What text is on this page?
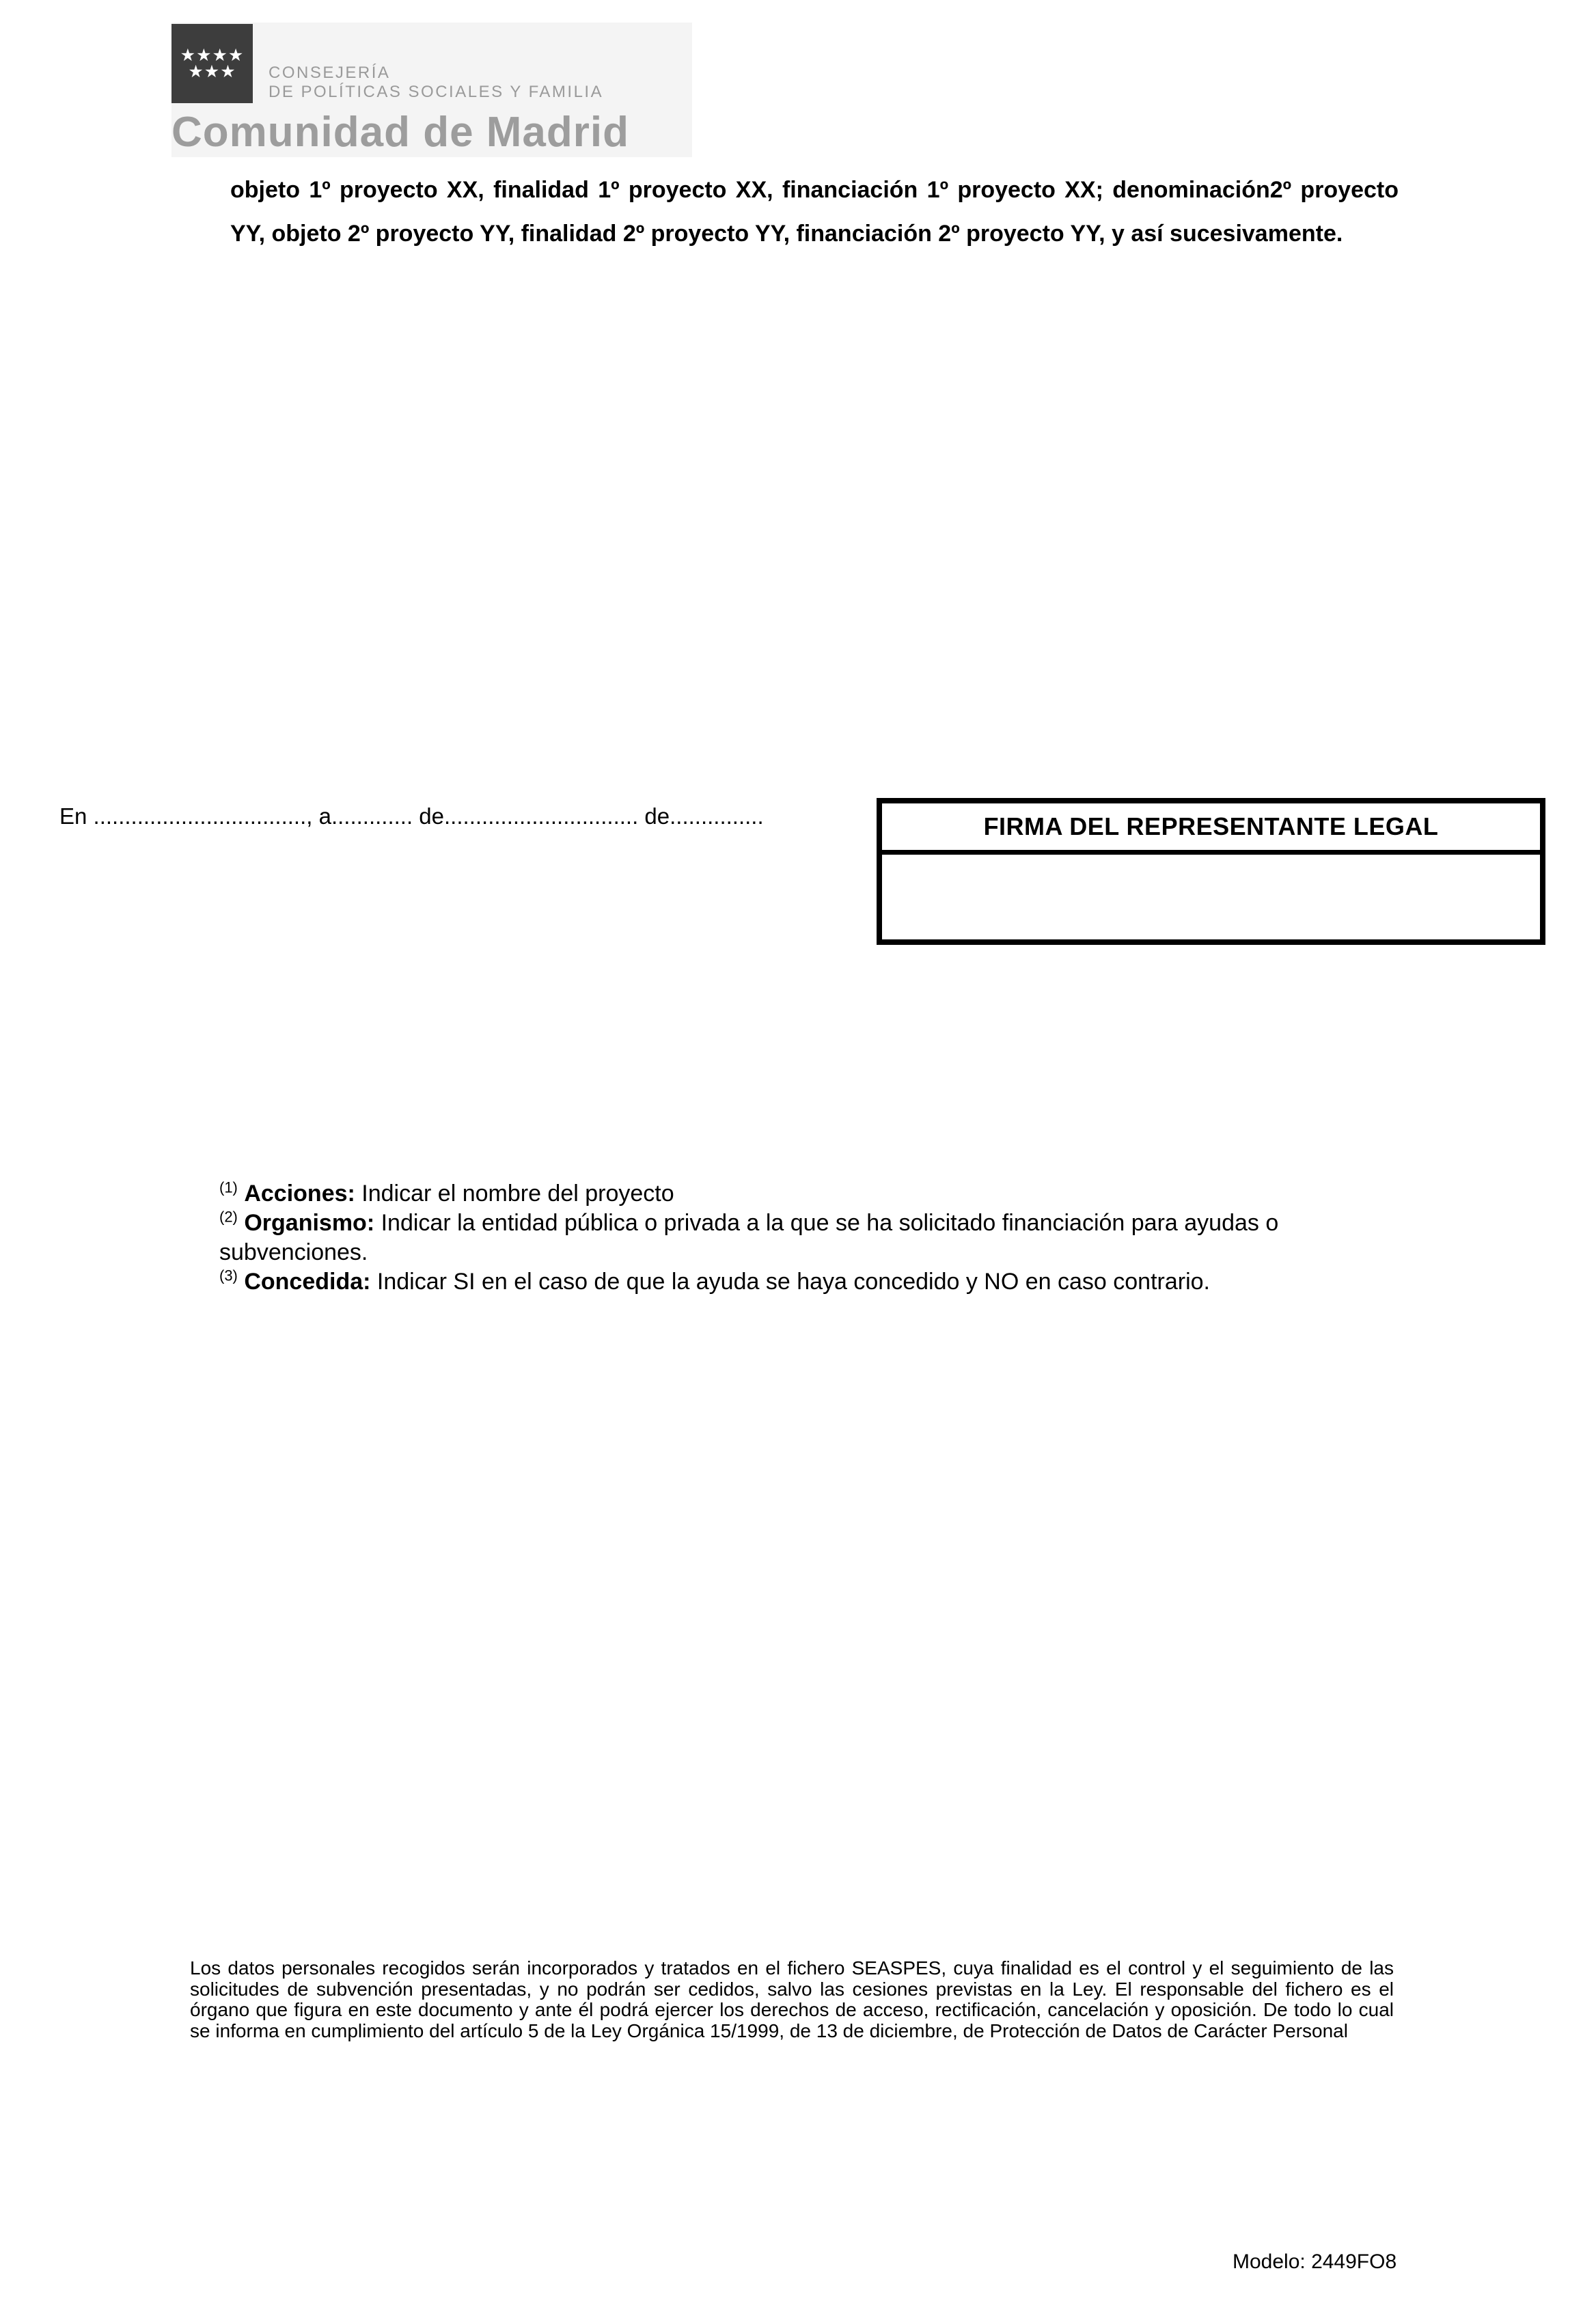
★★★★
★★★ CONSEJERÍA
DE POLÍTICAS SOCIALES Y FAMILIA
Comunidad de Madrid
objeto 1º proyecto XX, finalidad 1º proyecto XX, financiación 1º proyecto XX; denominación2º proyecto YY, objeto 2º proyecto YY, finalidad 2º proyecto YY, financiación 2º proyecto YY, y así sucesivamente.
En .................................., a............. de............................... de...............	FIRMA DEL REPRESENTANTE LEGAL
$^{(1)}$ Acciones: Indicar el nombre del proyecto
$^{(2)}$ Organismo: Indicar la entidad pública o privada a la que se ha solicitado financiación para ayudas o subvenciones.
$^{(3)}$ Concedida: Indicar SI en el caso de que la ayuda se haya concedido y NO en caso contrario.
Los datos personales recogidos serán incorporados y tratados en el fichero SEASPES, cuya finalidad es el control y el seguimiento de las solicitudes de subvención presentadas, y no podrán ser cedidos, salvo las cesiones previstas en la Ley. El responsable del fichero es el órgano que figura en este documento y ante él podrá ejercer los derechos de acceso, rectificación, cancelación y oposición. De todo lo cual se informa en cumplimiento del artículo 5 de la Ley Orgánica 15/1999, de 13 de diciembre, de Protección de Datos de Carácter Personal
Modelo: 2449FO8
